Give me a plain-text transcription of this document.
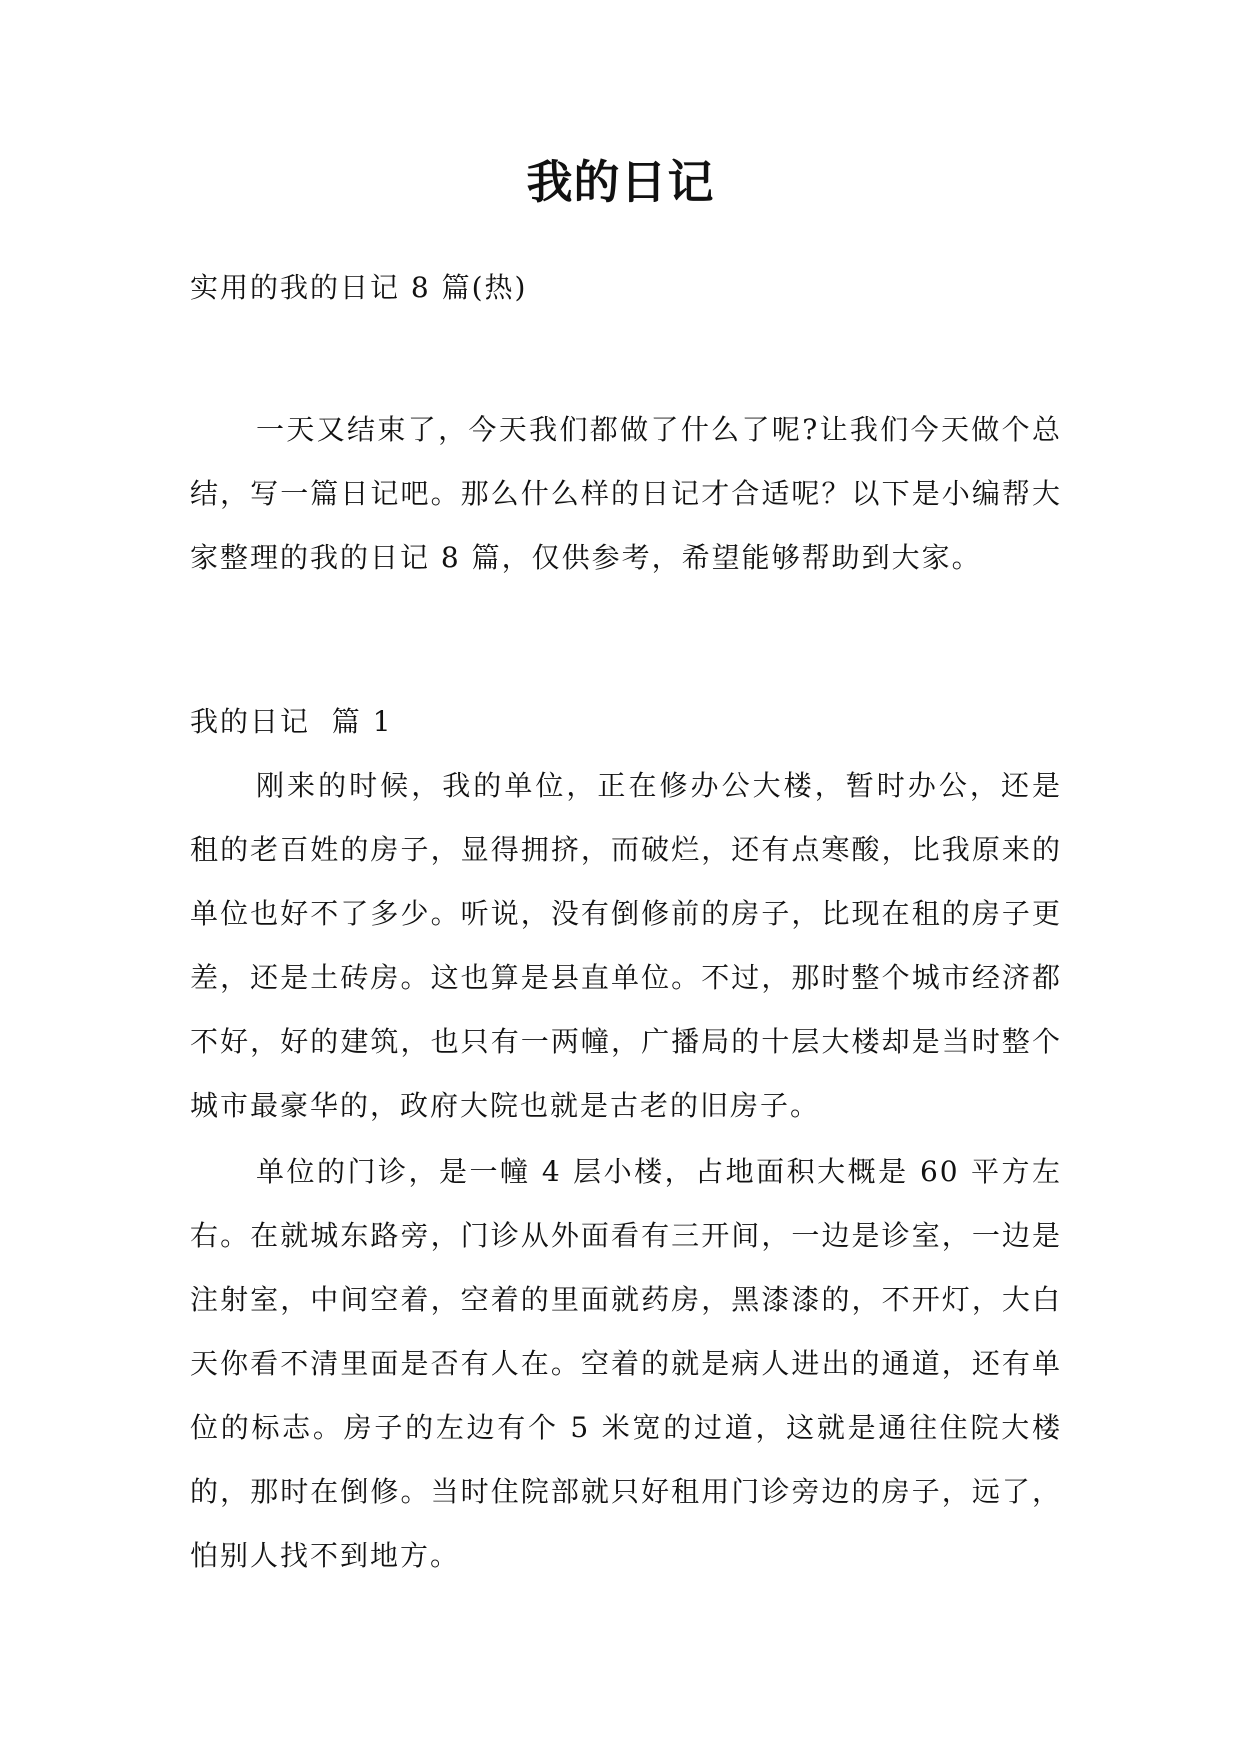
我的日记

实用的我的日记 8 篇(热)

一天又结束了，今天我们都做了什么了呢?让我们今天做个总结，写一篇日记吧。那么什么样的日记才合适呢？以下是小编帮大家整理的我的日记 8 篇，仅供参考，希望能够帮助到大家。

我的日记  篇 1

刚来的时候，我的单位，正在修办公大楼，暂时办公，还是租的老百姓的房子，显得拥挤，而破烂，还有点寒酸，比我原来的单位也好不了多少。听说，没有倒修前的房子，比现在租的房子更差，还是土砖房。这也算是县直单位。不过，那时整个城市经济都不好，好的建筑，也只有一两幢，广播局的十层大楼却是当时整个城市最豪华的，政府大院也就是古老的旧房子。

单位的门诊，是一幢 4 层小楼，占地面积大概是 60 平方左右。在就城东路旁，门诊从外面看有三开间，一边是诊室，一边是注射室，中间空着，空着的里面就药房，黑漆漆的，不开灯，大白天你看不清里面是否有人在。空着的就是病人进出的通道，还有单位的标志。房子的左边有个 5 米宽的过道，这就是通往住院大楼的，那时在倒修。当时住院部就只好租用门诊旁边的房子，远了，怕别人找不到地方。
